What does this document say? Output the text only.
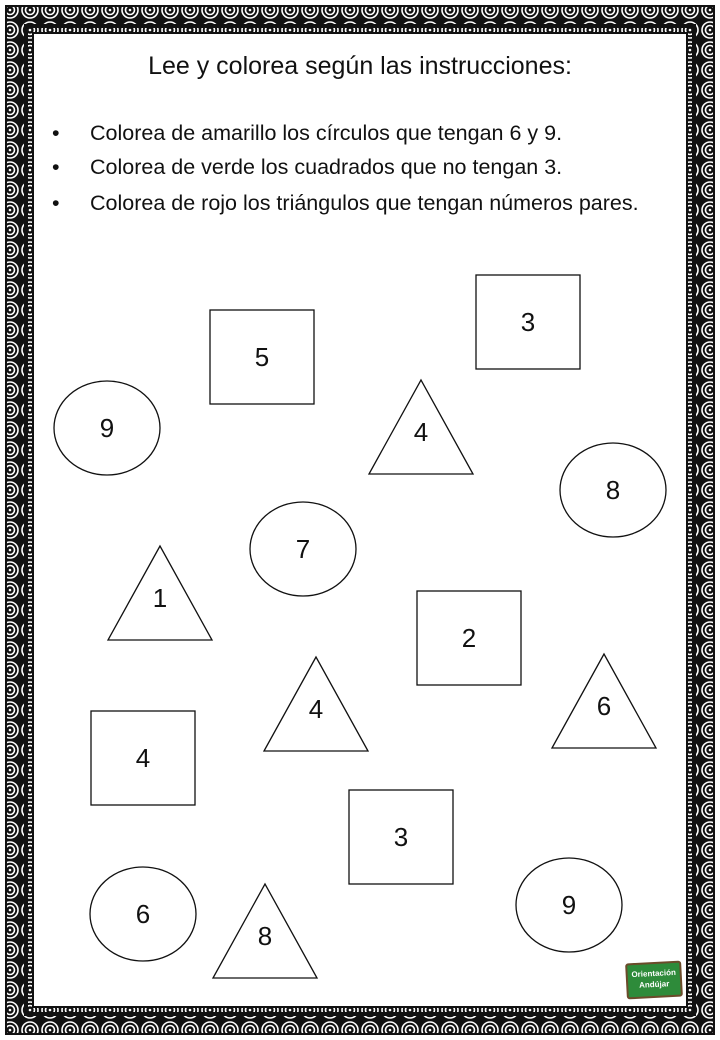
Lee y colorea según las instrucciones:
• Colorea de amarillo los círculos que tengan 6 y 9.
• Colorea de verde los cuadrados que no tengan 3.
• Colorea de rojo los triángulos que tengan números pares.
3
5
9	4
8
7
1
2
6
4
4
3
9
6
8
Orientación
Andújar
